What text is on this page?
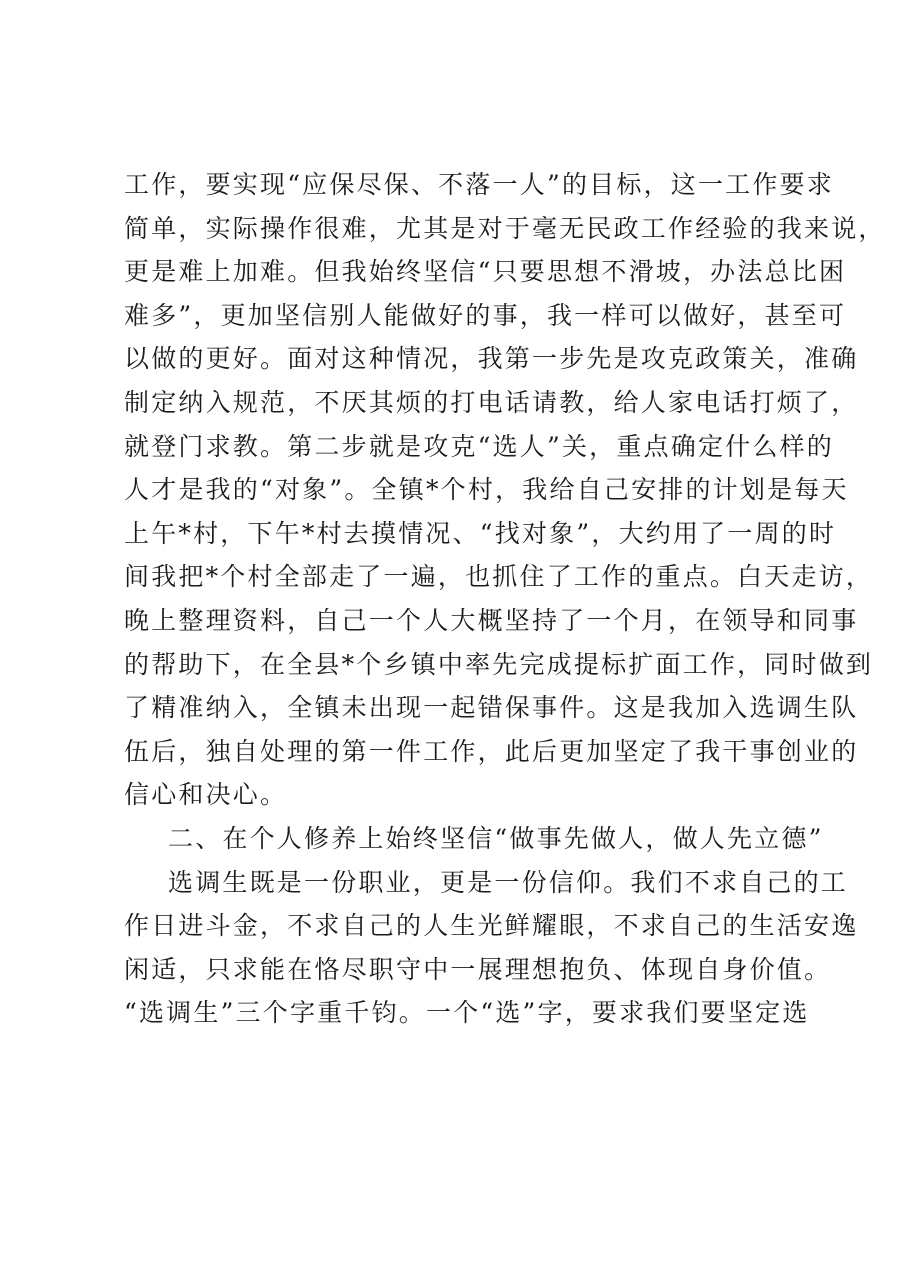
工作，要实现“应保尽保、不落一人”的目标，这一工作要求
简单，实际操作很难，尤其是对于毫无民政工作经验的我来说，
更是难上加难。但我始终坚信“只要思想不滑坡，办法总比困
难多”，更加坚信别人能做好的事，我一样可以做好，甚至可
以做的更好。面对这种情况，我第一步先是攻克政策关，准确
制定纳入规范，不厌其烦的打电话请教，给人家电话打烦了，
就登门求教。第二步就是攻克“选人”关，重点确定什么样的
人才是我的“对象”。全镇*个村，我给自己安排的计划是每天
上午*村，下午*村去摸情况、“找对象”，大约用了一周的时
间我把*个村全部走了一遍，也抓住了工作的重点。白天走访，
晚上整理资料，自己一个人大概坚持了一个月，在领导和同事
的帮助下，在全县*个乡镇中率先完成提标扩面工作，同时做到
了精准纳入，全镇未出现一起错保事件。这是我加入选调生队
伍后，独自处理的第一件工作，此后更加坚定了我干事创业的
信心和决心。
二、在个人修养上始终坚信“做事先做人，做人先立德”
选调生既是一份职业，更是一份信仰。我们不求自己的工
作日进斗金，不求自己的人生光鲜耀眼，不求自己的生活安逸
闲适，只求能在恪尽职守中一展理想抱负、体现自身价值。
“选调生”三个字重千钧。一个“选”字，要求我们要坚定选
